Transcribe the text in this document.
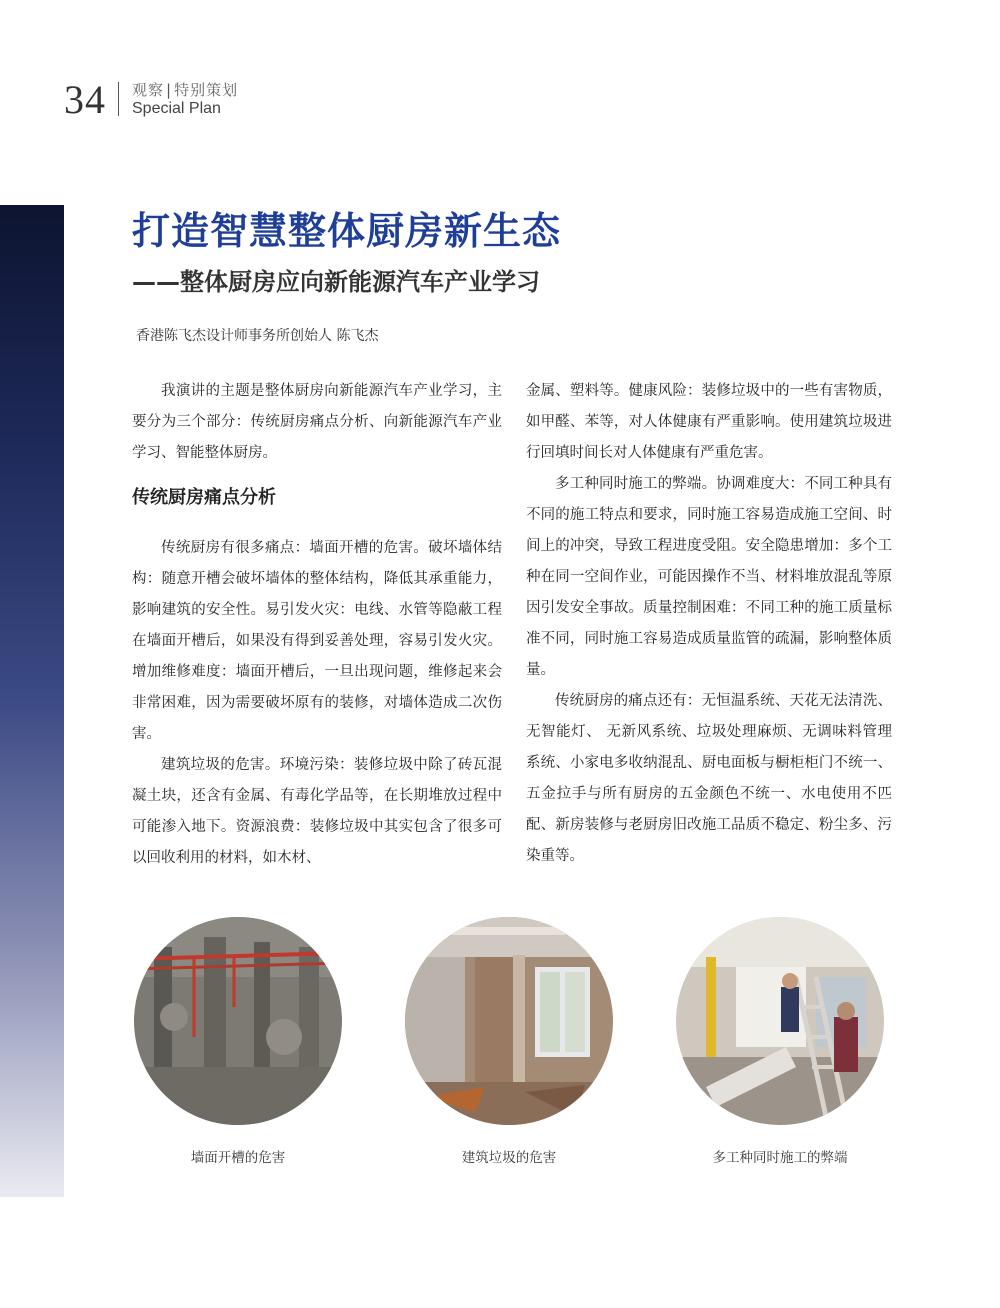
34 观察 | 特别策划
Special Plan
打造智慧整体厨房新生态
——整体厨房应向新能源汽车产业学习
香港陈飞杰设计师事务所创始人 陈飞杰

我演讲的主题是整体厨房向新能源汽车产业学习，主要分为三个部分：传统厨房痛点分析、向新能源汽车产业学习、智能整体厨房。

传统厨房痛点分析

传统厨房有很多痛点：墙面开槽的危害。破坏墙体结构：随意开槽会破坏墙体的整体结构，降低其承重能力，影响建筑的安全性。易引发火灾：电线、水管等隐蔽工程在墙面开槽后，如果没有得到妥善处理，容易引发火灾。增加维修难度：墙面开槽后，一旦出现问题，维修起来会非常困难，因为需要破坏原有的装修，对墙体造成二次伤害。

建筑垃圾的危害。环境污染：装修垃圾中除了砖瓦混凝土块，还含有金属、有毒化学品等，在长期堆放过程中可能渗入地下。资源浪费：装修垃圾中其实包含了很多可以回收利用的材料，如木材、

金属、塑料等。健康风险：装修垃圾中的一些有害物质，如甲醛、苯等，对人体健康有严重影响。使用建筑垃圾进行回填时间长对人体健康有严重危害。

多工种同时施工的弊端。协调难度大：不同工种具有不同的施工特点和要求，同时施工容易造成施工空间、时间上的冲突，导致工程进度受阻。安全隐患增加：多个工种在同一空间作业，可能因操作不当、材料堆放混乱等原因引发安全事故。质量控制困难：不同工种的施工质量标准不同，同时施工容易造成质量监管的疏漏，影响整体质量。

传统厨房的痛点还有：无恒温系统、天花无法清洗、无智能灯、 无新风系统、垃圾处理麻烦、无调味料管理系统、小家电多收纳混乱、厨电面板与橱柜柜门不统一、五金拉手与所有厨房的五金颜色不统一、水电使用不匹配、新房装修与老厨房旧改施工品质不稳定、粉尘多、污染重等。

墙面开槽的危害	建筑垃圾的危害	多工种同时施工的弊端
